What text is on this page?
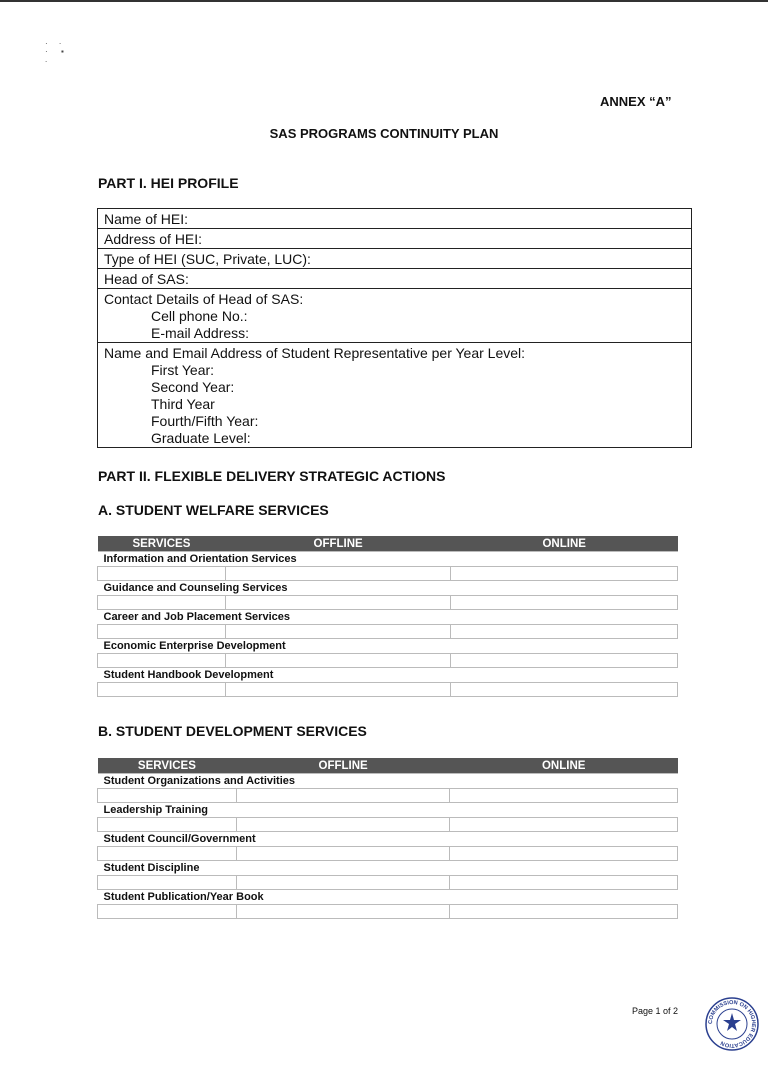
·     ·
·      ▪
.
ANNEX “A”
SAS PROGRAMS CONTINUITY PLAN
PART I. HEI PROFILE
Name of HEI:
Address of HEI:
Type of HEI (SUC, Private, LUC):
Head of SAS:
Contact Details of Head of SAS:
Cell phone No.:
E-mail Address:
Name and Email Address of Student Representative per Year Level:
First Year:
Second Year:
Third Year
Fourth/Fifth Year:
Graduate Level:
PART II. FLEXIBLE DELIVERY STRATEGIC ACTIONS
A. STUDENT WELFARE SERVICES
SERVICES	OFFLINE	ONLINE
Information and Orientation Services		

Guidance and Counseling Services		

Career and Job Placement Services		

Economic Enterprise Development		

Student Handbook Development		

B. STUDENT DEVELOPMENT SERVICES
SERVICES	OFFLINE	ONLINE
Student Organizations and Activities		

Leadership Training		

Student Council/Government		

Student Discipline		

Student Publication/Year Book		

Page 1 of 2
COMMISSION ON HIGHER EDUCATION
